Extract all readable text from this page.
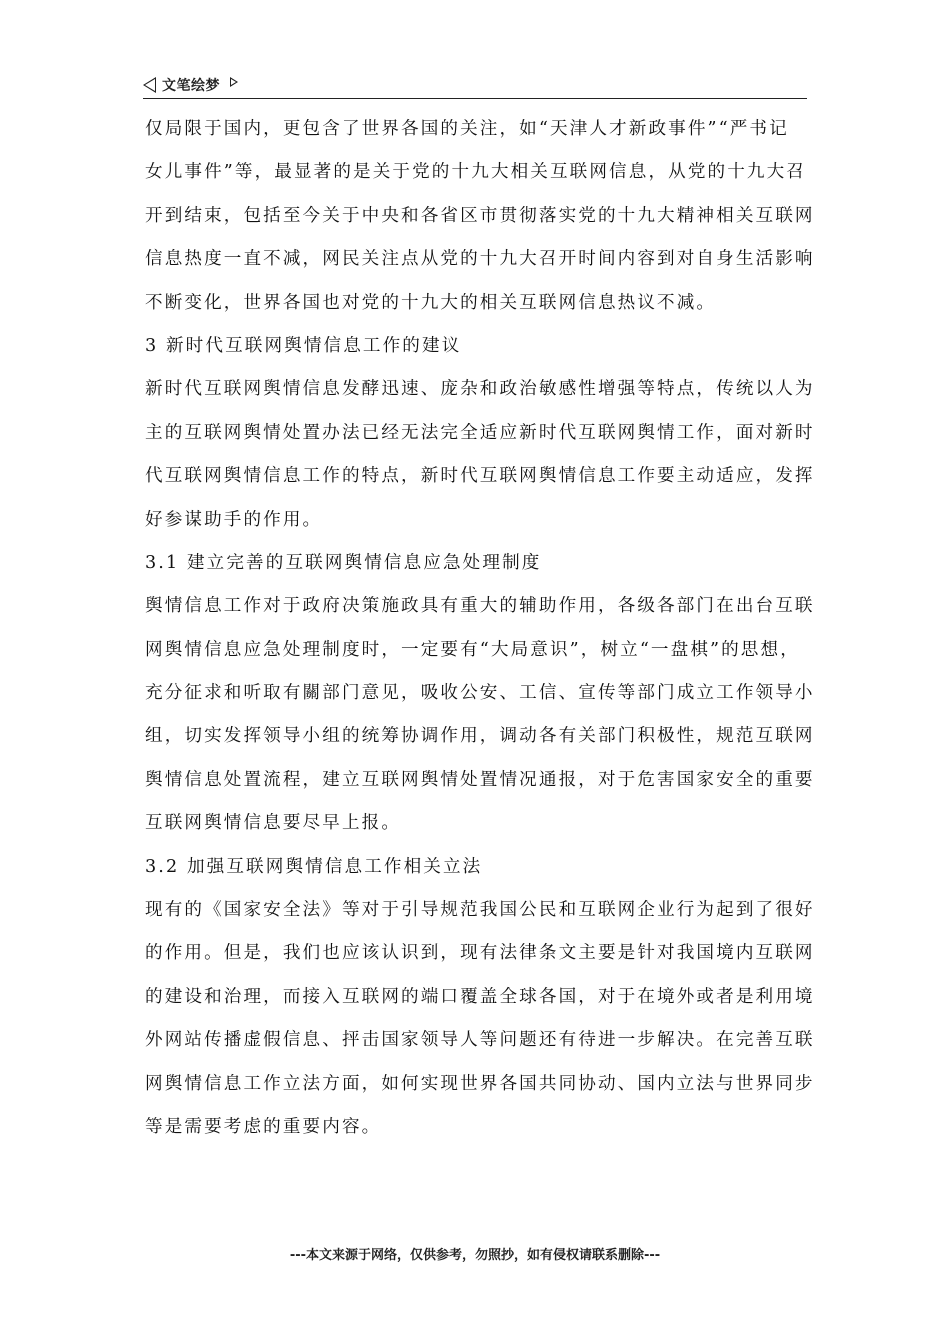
文笔绘梦
仅局限于国内，更包含了世界各国的关注，如“天津人才新政事件”“严书记
女儿事件”等，最显著的是关于党的十九大相关互联网信息，从党的十九大召
开到结束，包括至今关于中央和各省区市贯彻落实党的十九大精神相关互联网
信息热度一直不减，网民关注点从党的十九大召开时间内容到对自身生活影响
不断变化，世界各国也对党的十九大的相关互联网信息热议不减。
3 新时代互联网舆情信息工作的建议
新时代互联网舆情信息发酵迅速、庞杂和政治敏感性增强等特点，传统以人为
主的互联网舆情处置办法已经无法完全适应新时代互联网舆情工作，面对新时
代互联网舆情信息工作的特点，新时代互联网舆情信息工作要主动适应，发挥
好参谋助手的作用。
3.1 建立完善的互联网舆情信息应急处理制度
舆情信息工作对于政府决策施政具有重大的辅助作用，各级各部门在出台互联
网舆情信息应急处理制度时，一定要有“大局意识”，树立“一盘棋”的思想，
充分征求和听取有關部门意见，吸收公安、工信、宣传等部门成立工作领导小
组，切实发挥领导小组的统筹协调作用，调动各有关部门积极性，规范互联网
舆情信息处置流程，建立互联网舆情处置情况通报，对于危害国家安全的重要
互联网舆情信息要尽早上报。
3.2 加强互联网舆情信息工作相关立法
现有的《国家安全法》等对于引导规范我国公民和互联网企业行为起到了很好
的作用。但是，我们也应该认识到，现有法律条文主要是针对我国境内互联网
的建设和治理，而接入互联网的端口覆盖全球各国，对于在境外或者是利用境
外网站传播虚假信息、抨击国家领导人等问题还有待进一步解决。在完善互联
网舆情信息工作立法方面，如何实现世界各国共同协动、国内立法与世界同步
等是需要考虑的重要内容。
---本文来源于网络，仅供参考，勿照抄，如有侵权请联系删除---
